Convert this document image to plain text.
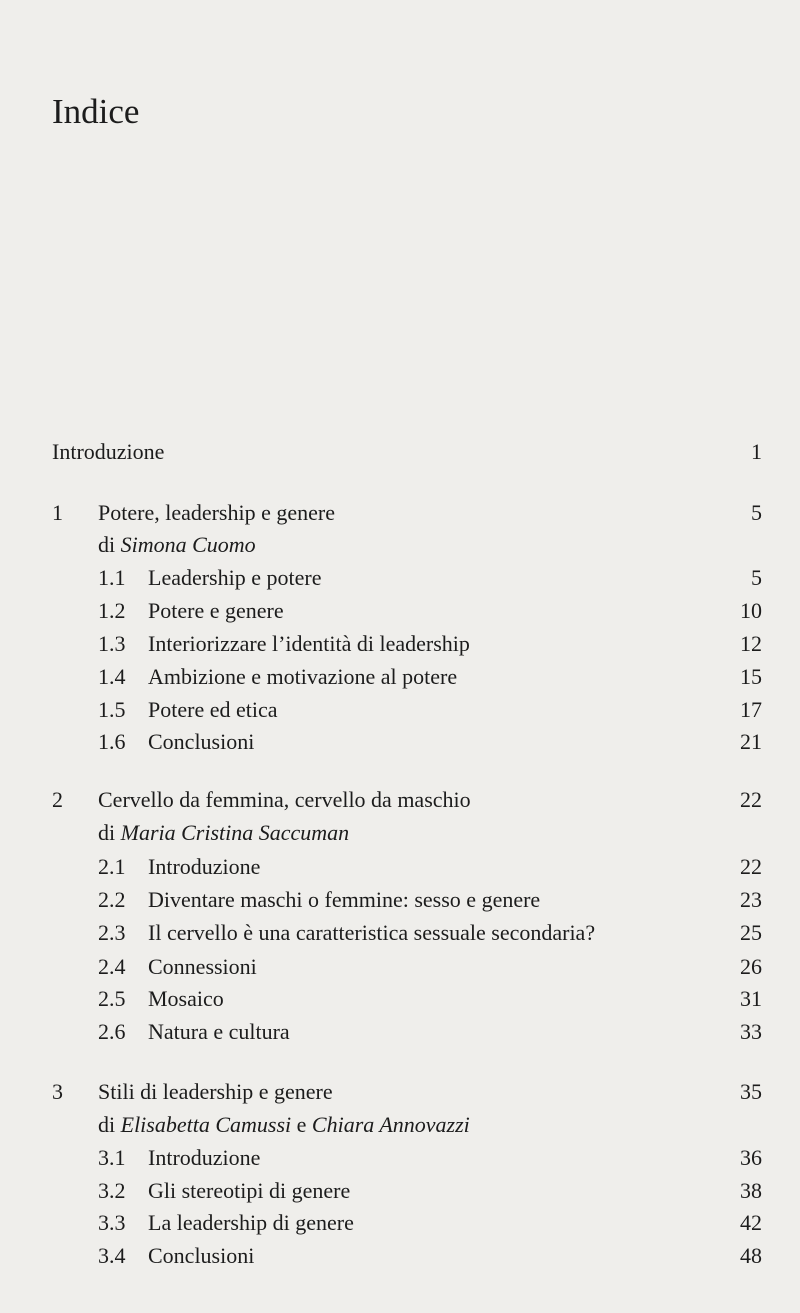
Indice
Introduzione	1
1 Potere, leadership e genere	5
di Simona Cuomo
1.1 Leadership e potere	5
1.2 Potere e genere	10
1.3 Interiorizzare l’identità di leadership	12
1.4 Ambizione e motivazione al potere	15
1.5 Potere ed etica	17
1.6 Conclusioni	21
2 Cervello da femmina, cervello da maschio	22
di Maria Cristina Saccuman
2.1 Introduzione	22
2.2 Diventare maschi o femmine: sesso e genere	23
2.3 Il cervello è una caratteristica sessuale secondaria?	25
2.4 Connessioni	26
2.5 Mosaico	31
2.6 Natura e cultura	33
3 Stili di leadership e genere	35
di Elisabetta Camussi e Chiara Annovazzi
3.1 Introduzione	36
3.2 Gli stereotipi di genere	38
3.3 La leadership di genere	42
3.4 Conclusioni	48
